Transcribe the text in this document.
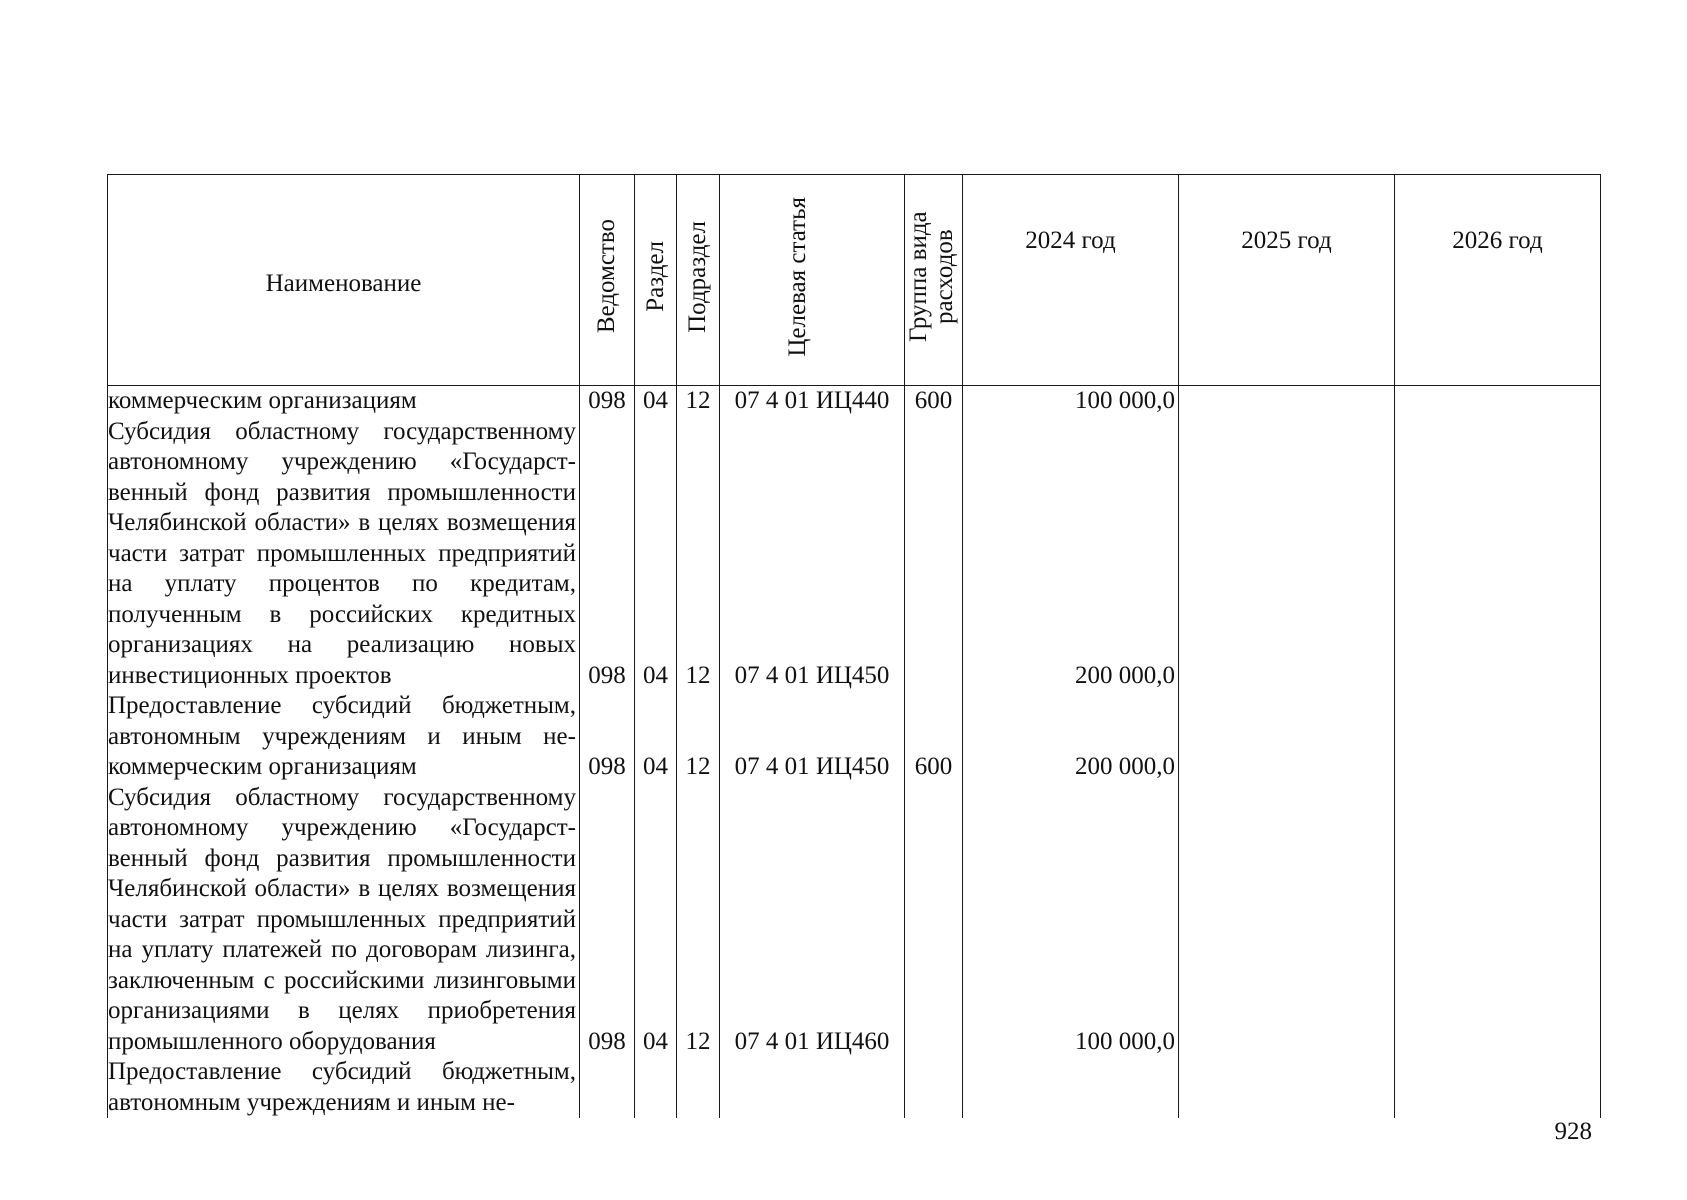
Наименование	Ведомство	Раздел	Подраздел	Целевая статья	Группа вида расходов	2024 год	2025 год	2026 год
коммерческим организациям	098	04	12	07 4 01 ИЦ440	600	100 000,0		
Субсидия областному государственному автономному учреждению «Государственный фонд развития промышленности Челябинской области» в целях возмещения части затрат промышленных предприятий на уплату процентов по кредитам, полученным в российских кредитных организациях на реализацию новых инвестиционных проектов	098	04	12	07 4 01 ИЦ450		200 000,0		
Предоставление субсидий бюджетным, автономным учреждениям и иным некоммерческим организациям	098	04	12	07 4 01 ИЦ450	600	200 000,0		
Субсидия областному государственному автономному учреждению «Государственный фонд развития промышленности Челябинской области» в целях возмещения части затрат промышленных предприятий на уплату платежей по договорам лизинга, заключенным с российскими лизинговыми организациями в целях приобретения промышленного оборудования	098	04	12	07 4 01 ИЦ460		100 000,0		
Предоставление субсидий бюджетным, автономным учреждениям и иным не-								
928
